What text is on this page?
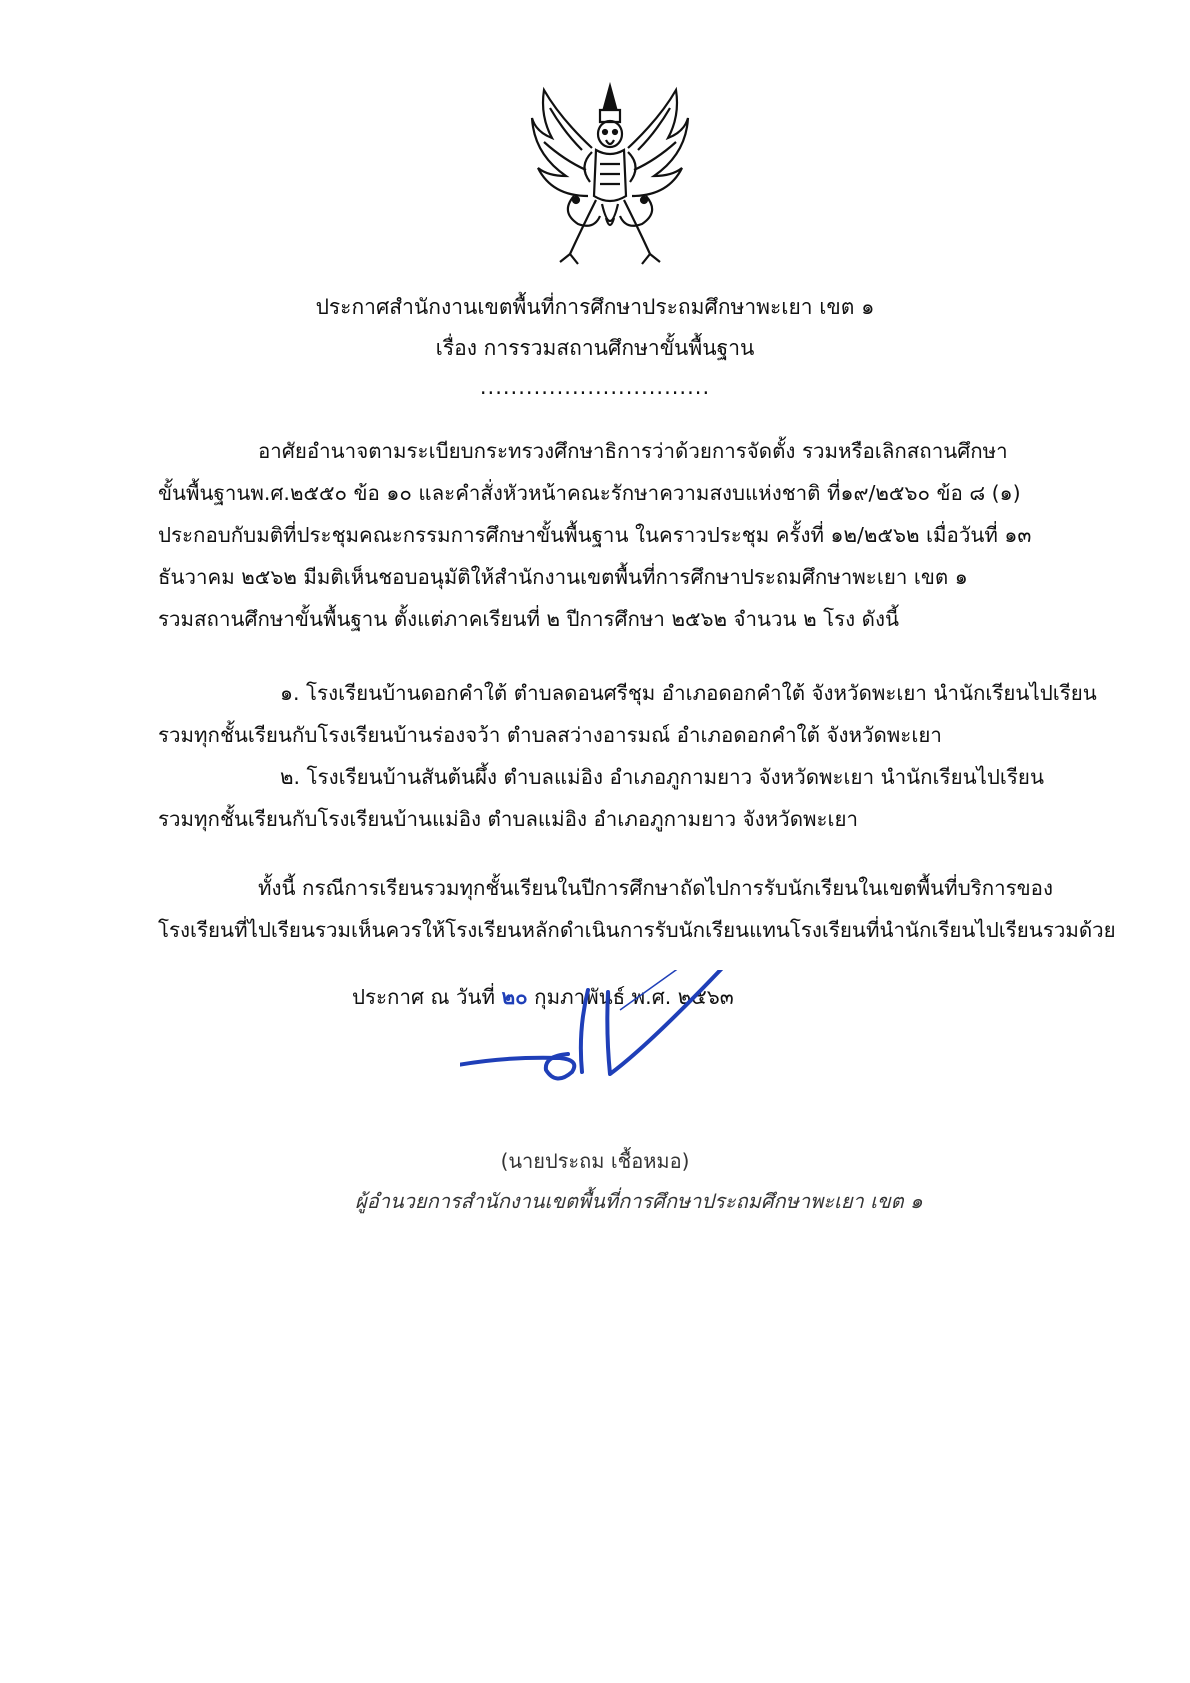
ประกาศสำนักงานเขตพื้นที่การศึกษาประถมศึกษาพะเยา เขต ๑
เรื่อง การรวมสถานศึกษาขั้นพื้นฐาน
..............................
อาศัยอำนาจตามระเบียบกระทรวงศึกษาธิการว่าด้วยการจัดตั้ง รวมหรือเลิกสถานศึกษา
ขั้นพื้นฐานพ.ศ.๒๕๕๐ ข้อ ๑๐ และคำสั่งหัวหน้าคณะรักษาความสงบแห่งชาติ ที่๑๙/๒๕๖๐ ข้อ ๘ (๑)
ประกอบกับมติที่ประชุมคณะกรรมการศึกษาขั้นพื้นฐาน ในคราวประชุม ครั้งที่ ๑๒/๒๕๖๒ เมื่อวันที่ ๑๓
ธันวาคม ๒๕๖๒ มีมติเห็นชอบอนุมัติให้สำนักงานเขตพื้นที่การศึกษาประถมศึกษาพะเยา เขต ๑
รวมสถานศึกษาขั้นพื้นฐาน ตั้งแต่ภาคเรียนที่ ๒ ปีการศึกษา ๒๕๖๒ จำนวน ๒ โรง ดังนี้
๑. โรงเรียนบ้านดอกคำใต้ ตำบลดอนศรีชุม อำเภอดอกคำใต้ จังหวัดพะเยา นำนักเรียนไปเรียน
รวมทุกชั้นเรียนกับโรงเรียนบ้านร่องจว้า ตำบลสว่างอารมณ์ อำเภอดอกคำใต้ จังหวัดพะเยา
๒. โรงเรียนบ้านสันต้นผึ้ง ตำบลแม่อิง อำเภอภูกามยาว จังหวัดพะเยา นำนักเรียนไปเรียน
รวมทุกชั้นเรียนกับโรงเรียนบ้านแม่อิง ตำบลแม่อิง อำเภอภูกามยาว จังหวัดพะเยา
ทั้งนี้ กรณีการเรียนรวมทุกชั้นเรียนในปีการศึกษาถัดไปการรับนักเรียนในเขตพื้นที่บริการของ
โรงเรียนที่ไปเรียนรวมเห็นควรให้โรงเรียนหลักดำเนินการรับนักเรียนแทนโรงเรียนที่นำนักเรียนไปเรียนรวมด้วย
ประกาศ ณ วันที่ ๒๐ กุมภาพันธ์ พ.ศ. ๒๕๖๓
(นายประถม เชื้อหมอ)
ผู้อำนวยการสำนักงานเขตพื้นที่การศึกษาประถมศึกษาพะเยา เขต ๑
